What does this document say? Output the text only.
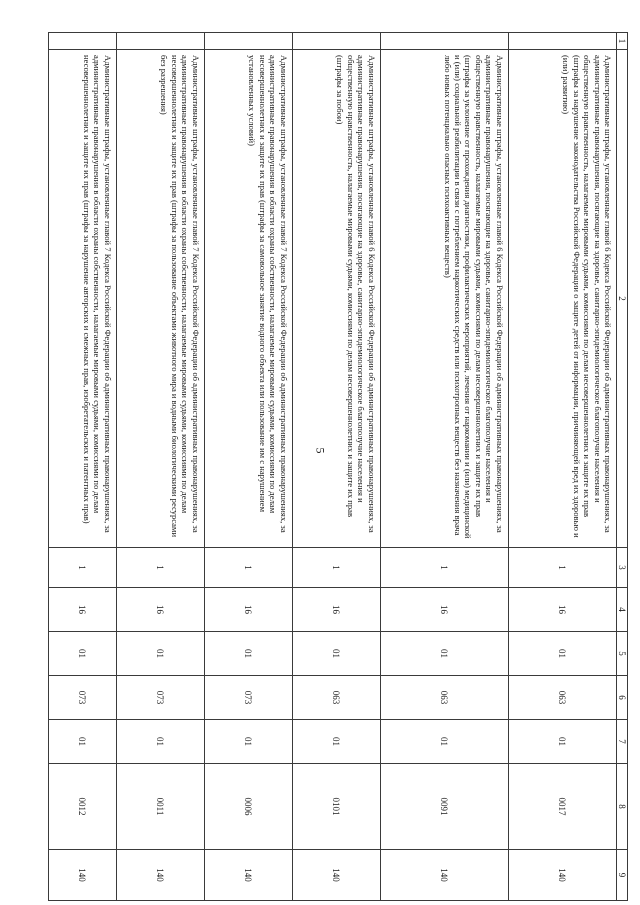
5
1	2	3	4	5	6	7	8	9
	Административные штрафы, установленные главой 6 Кодекса Российской Федерации об административных правонарушениях, за административные правонарушения, посягающие на здоровье, санитарно-эпидемиологическое благополучие населения и общественную нравственность, налагаемые мировыми судьями, комиссиями по делам несовершеннолетних и защите их прав (штрафы за нарушение законодательства Российской Федерации о защите детей от информации, причиняющей вред их здоровью и (или) развитию)	1	16	01	063	01	0017	140
	Административные штрафы, установленные главой 6 Кодекса Российской Федерации об административных правонарушениях, за административные правонарушения, посягающие на здоровье, санитарно-эпидемиологическое благополучие населения и общественную нравственность, налагаемые мировыми судьями, комиссиями по делам несовершеннолетних и защите их прав (штрафы за уклонение от прохождения диагностики, профилактических мероприятий, лечения от наркомании и (или) медицинской и (или) социальной реабилитации в связи с потреблением наркотических средств или психотропных веществ без назначения врача либо новых потенциально опасных психоактивных веществ)	1	16	01	063	01	0091	140
	Административные штрафы, установленные главой 6 Кодекса Российской Федерации об административных правонарушениях, за административные правонарушения, посягающие на здоровье, санитарно-эпидемиологическое благополучие населения и общественную нравственность, налагаемые мировыми судьями, комиссиями по делам несовершеннолетних и защите их прав (штрафы за побои)	1	16	01	063	01	0101	140
	Административные штрафы, установленные главой 7 Кодекса Российской Федерации об административных правонарушениях, за административные правонарушения в области охраны собственности, налагаемые мировыми судьями, комиссиями по делам несовершеннолетних и защите их прав (штрафы за самовольное занятие водного объекта или пользование им с нарушением установленных условий)	1	16	01	073	01	0006	140
	Административные штрафы, установленные главой 7 Кодекса Российской Федерации об административных правонарушениях, за административные правонарушения в области охраны собственности, налагаемые мировыми судьями, комиссиями по делам несовершеннолетних и защите их прав (штрафы за пользование объектами животного мира и водными биологическими ресурсами без разрешения)	1	16	01	073	01	0011	140
	Административные штрафы, установленные главой 7 Кодекса Российской Федерации об административных правонарушениях, за административные правонарушения в области охраны собственности, налагаемые мировыми судьями, комиссиями по делам несовершеннолетних и защите их прав (штрафы за нарушение авторских и смежных прав, изобретательских и патентных прав)	1	16	01	073	01	0012	140
